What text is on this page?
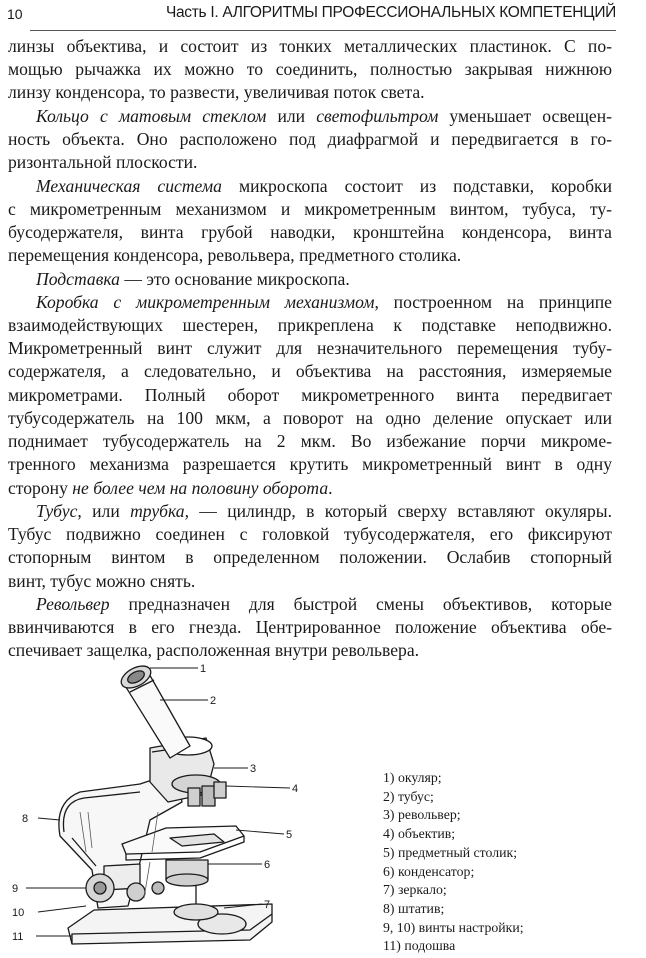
10	Часть I. АЛГОРИТМЫ ПРОФЕССИОНАЛЬНЫХ КОМПЕТЕНЦИЙ
линзы объектива, и состоит из тонких металлических пластинок. С по-
мощью рычажка их можно то соединить, полностью закрывая нижнюю
линзу конденсора, то развести, увеличивая поток света.
Кольцо с матовым стеклом или светофильтром уменьшает освещен-
ность объекта. Оно расположено под диафрагмой и передвигается в го-
ризонтальной плоскости.
Механическая система микроскопа состоит из подставки, коробки
с микрометренным механизмом и микрометренным винтом, тубуса, ту-
бусодержателя, винта грубой наводки, кронштейна конденсора, винта
перемещения конденсора, револьвера, предметного столика.
Подставка — это основание микроскопа.
Коробка с микрометренным механизмом, построенном на принципе
взаимодействующих шестерен, прикреплена к подставке неподвижно.
Микрометренный винт служит для незначительного перемещения тубу-
содержателя, а следовательно, и объектива на расстояния, измеряемые
микрометрами. Полный оборот микрометренного винта передвигает
тубусодержатель на 100 мкм, а поворот на одно деление опускает или
поднимает тубусодержатель на 2 мкм. Во избежание порчи микроме-
тренного механизма разрешается крутить микрометренный винт в одну
сторону не более чем на половину оборота.
Тубус, или трубка, — цилиндр, в который сверху вставляют окуляры.
Тубус подвижно соединен с головкой тубусодержателя, его фиксируют
стопорным винтом в определенном положении. Ослабив стопорный
винт, тубус можно снять.
Револьвер предназначен для быстрой смены объективов, которые
ввинчиваются в его гнезда. Центрированное положение объектива обе-
спечивает защелка, расположенная внутри револьвера.
1
2
3
4
5
6
7
8
9
10
11
1) окуляр;
2) тубус;
3) револьвер;
4) объектив;
5) предметный столик;
6) конденсатор;
7) зеркало;
8) штатив;
9, 10) винты настройки;
11) подошва
